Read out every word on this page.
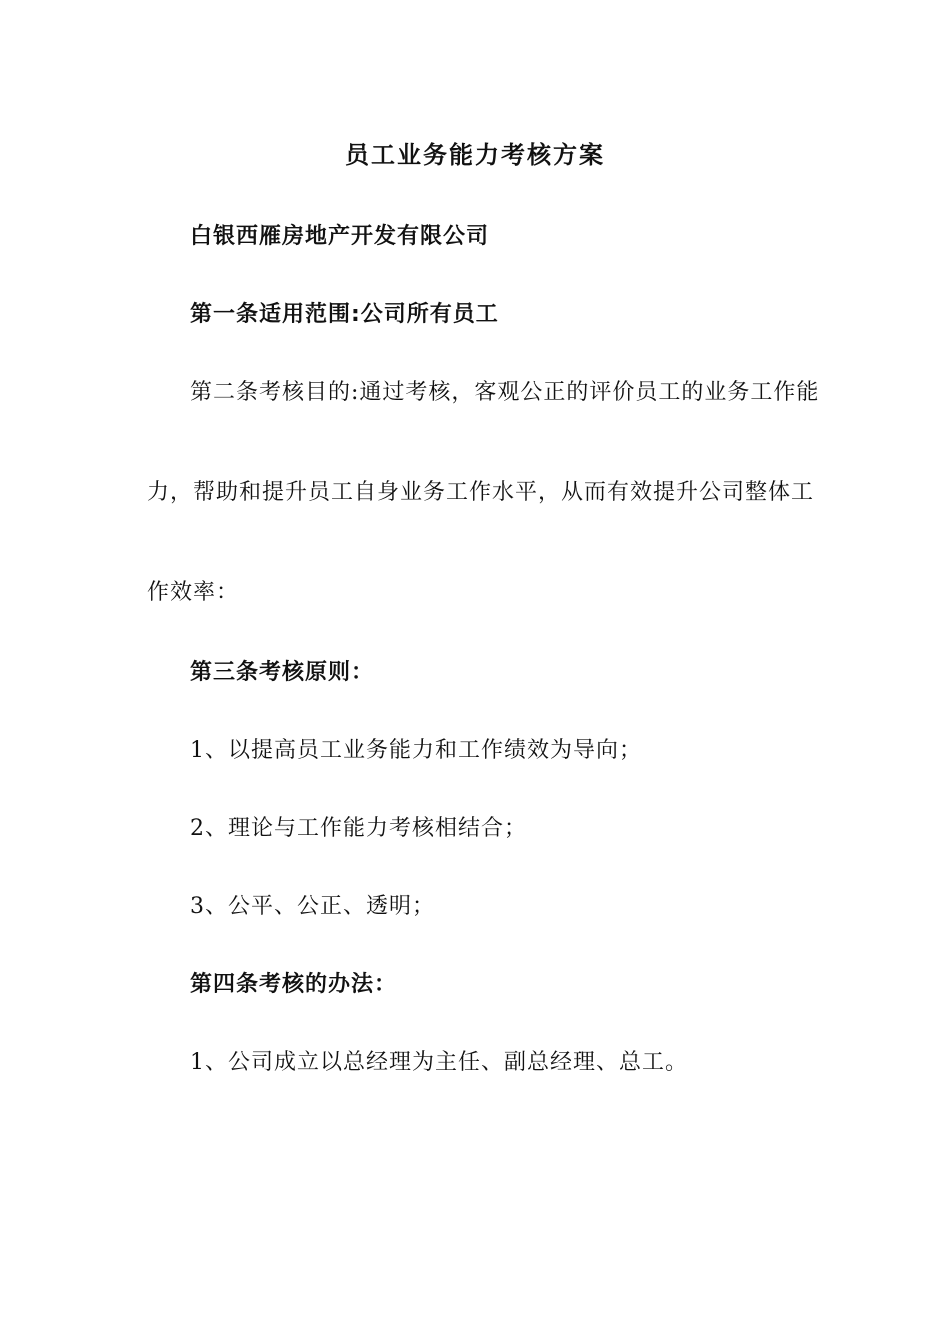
员工业务能力考核方案
白银西雁房地产开发有限公司
第一条适用范围:公司所有员工
第二条考核目的:通过考核，客观公正的评价员工的业务工作能
力，帮助和提升员工自身业务工作水平，从而有效提升公司整体工
作效率：
第三条考核原则：
1、以提高员工业务能力和工作绩效为导向；
2、理论与工作能力考核相结合；
3、公平、公正、透明；
第四条考核的办法：
1、公司成立以总经理为主任、副总经理、总工。
